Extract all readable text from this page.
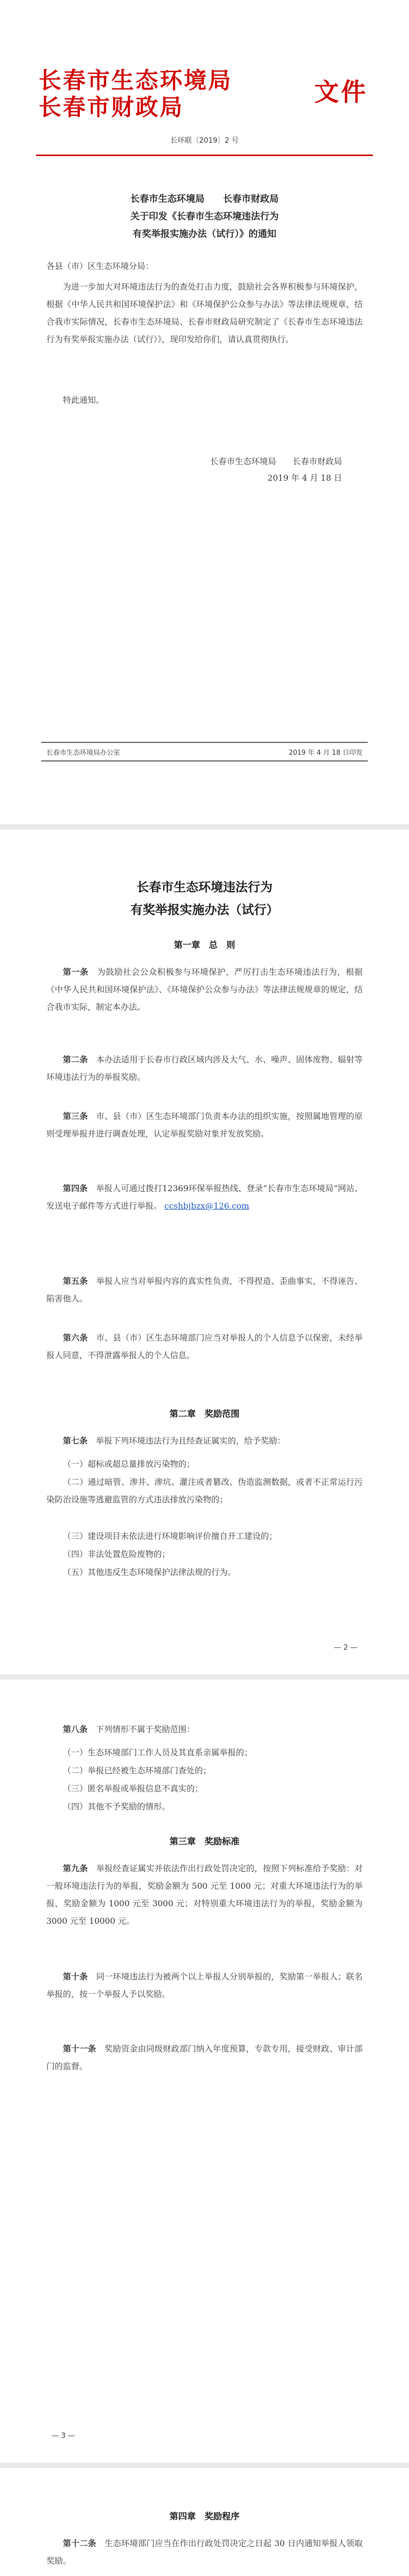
长春市生态环境局
长春市财政局
文件
长环联〔2019〕2 号
长春市生态环境局　　长春市财政局
关于印发《长春市生态环境违法行为
有奖举报实施办法（试行）》的通知
各县（市）区生态环境分局：
为进一步加大对环境违法行为的查处打击力度，鼓励社会各界积极参与环境保护，根据《中华人民共和国环境保护法》和《环境保护公众参与办法》等法律法规规章，结合我市实际情况，长春市生态环境局、长春市财政局研究制定了《长春市生态环境违法行为有奖举报实施办法（试行）》，现印发给你们，请认真贯彻执行。
特此通知。
长春市生态环境局　　长春市财政局
2019 年 4 月 18 日
长春市生态环境局办公室	2019 年 4 月 18 日印发
长春市生态环境违法行为
有奖举报实施办法（试行）
第一章　总　则
第一条　 为鼓励社会公众积极参与环境保护，严厉打击生态环境违法行为，根据《中华人民共和国环境保护法》、《环境保护公众参与办法》等法律法规规章的规定，结合我市实际，制定本办法。
第二条　 本办法适用于长春市行政区域内涉及大气、水、噪声、固体废物、辐射等环境违法行为的举报奖励。
第三条　 市、县（市）区生态环境部门负责本办法的组织实施，按照属地管理的原则受理举报并进行调查处理，认定举报奖励对象并发放奖励。
第四条　 举报人可通过拨打12369环保举报热线、登录“长春市生态环境局”网站、发送电子邮件等方式进行举报。 ccshbjbzx@126.com
第五条　 举报人应当对举报内容的真实性负责，不得捏造、歪曲事实，不得诬告、陷害他人。
第六条　 市、县（市）区生态环境部门应当对举报人的个人信息予以保密，未经举报人同意，不得泄露举报人的个人信息。
第二章　奖励范围
第七条　 举报下列环境违法行为且经查证属实的，给予奖励：
（一）超标或超总量排放污染物的；
（二）通过暗管、渗井、渗坑、灌注或者篡改、伪造监测数据，或者不正常运行污染防治设施等逃避监管的方式违法排放污染物的；
（三）建设项目未依法进行环境影响评价擅自开工建设的；
（四）非法处置危险废物的；
（五）其他违反生态环境保护法律法规的行为。
— 2 —
第八条　 下列情形不属于奖励范围：
（一）生态环境部门工作人员及其直系亲属举报的；
（二）举报已经被生态环境部门查处的；
（三）匿名举报或举报信息不真实的；
（四）其他不予奖励的情形。
第三章　奖励标准
第九条　 举报经查证属实并依法作出行政处罚决定的，按照下列标准给予奖励：对一般环境违法行为的举报，奖励金额为 500 元至 1000 元；对重大环境违法行为的举报，奖励金额为 1000 元至 3000 元；对特别重大环境违法行为的举报，奖励金额为 3000 元至 10000 元。
第十条　 同一环境违法行为被两个以上举报人分别举报的，奖励第一举报人；联名举报的，按一个举报人予以奖励。
第十一条　 奖励资金由同级财政部门纳入年度预算，专款专用，接受财政、审计部门的监督。
— 3 —
第四章　奖励程序
第十二条　 生态环境部门应当在作出行政处罚决定之日起 30 日内通知举报人领取奖励。
